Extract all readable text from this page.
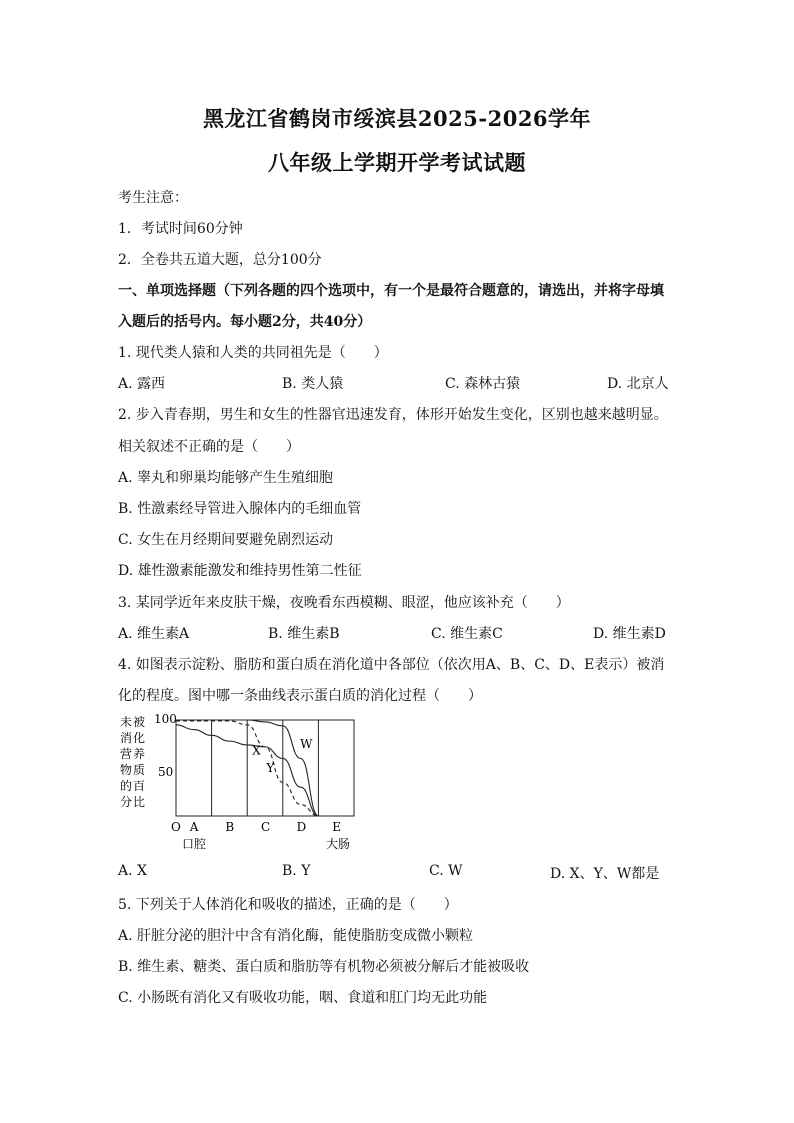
黑龙江省鹤岗市绥滨县2025-2026学年
八年级上学期开学考试试题
考生注意：
1．考试时间60分钟
2．全卷共五道大题，总分100分
一、单项选择题（下列各题的四个选项中，有一个是最符合题意的，请选出，并将字母填
入题后的括号内。每小题2分，共40分）
1. 现代类人猿和人类的共同祖先是（　　）
A. 露西	B. 类人猿	C. 森林古猿	D. 北京人
2. 步入青春期，男生和女生的性器官迅速发育，体形开始发生变化，区别也越来越明显。
相关叙述不正确的是（　　）
A. 睾丸和卵巢均能够产生生殖细胞
B. 性激素经导管进入腺体内的毛细血管
C. 女生在月经期间要避免剧烈运动
D. 雄性激素能激发和维持男性第二性征
3. 某同学近年来皮肤干燥，夜晚看东西模糊、眼涩，他应该补充（　　）
A. 维生素A	B. 维生素B	C. 维生素C	D. 维生素D
4. 如图表示淀粉、脂肪和蛋白质在消化道中各部位（依次用A、B、C、D、E表示）被消
化的程度。图中哪一条曲线表示蛋白质的消化过程（　　）
未 被
消 化
营 养
物 质
的 百
分 比
100
50
X
Y
W
O A B C D E
口腔	大肠
A. X	B. Y	C. W	D. X、Y、W都是
5. 下列关于人体消化和吸收的描述，正确的是（　　）
A. 肝脏分泌的胆汁中含有消化酶，能使脂肪变成微小颗粒
B. 维生素、糖类、蛋白质和脂肪等有机物必须被分解后才能被吸收
C. 小肠既有消化又有吸收功能，咽、食道和肛门均无此功能
